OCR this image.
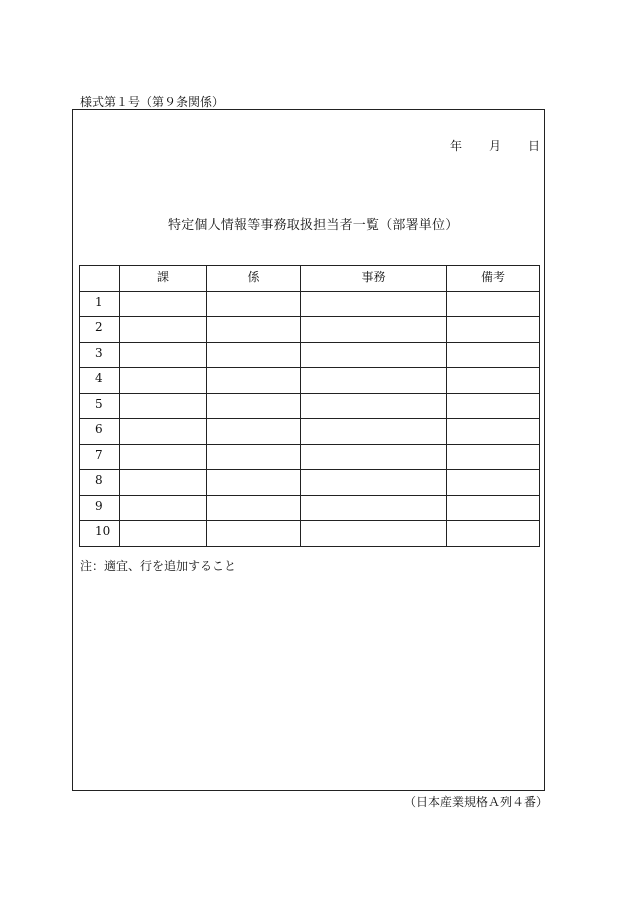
様式第１号（第９条関係）
年 月 日
特定個人情報等事務取扱担当者一覧（部署単位）
	課	係	事務	備考
1				
2				
3				
4				
5				
6				
7				
8				
9				
10				
注：適宜、行を追加すること
（日本産業規格Ａ列４番）
